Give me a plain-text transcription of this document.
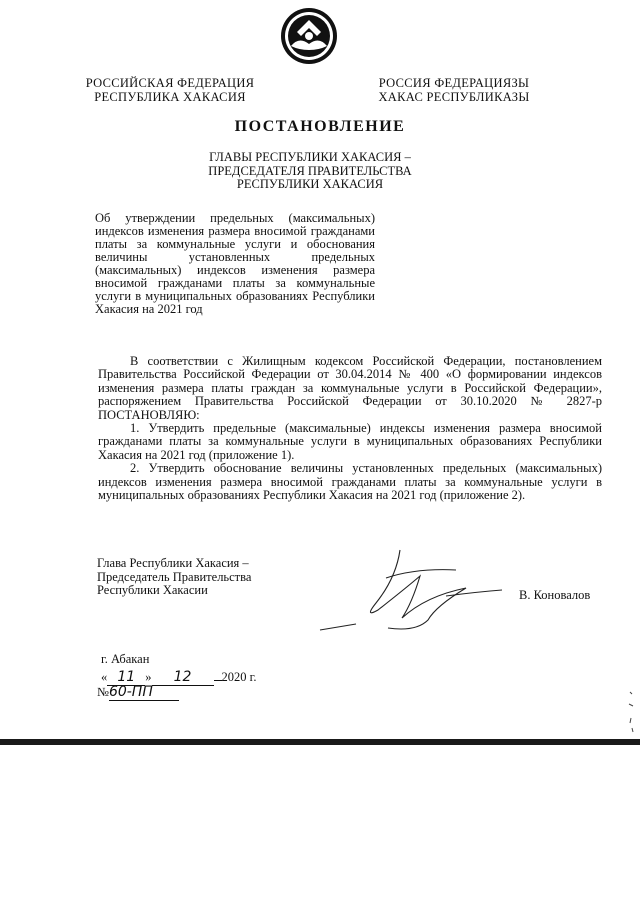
РОССИЙСКАЯ ФЕДЕРАЦИЯ
РЕСПУБЛИКА ХАКАСИЯ
РОССИЯ ФЕДЕРАЦИЯЗЫ
ХАКАС РЕСПУБЛИКАЗЫ
ПОСТАНОВЛЕНИЕ
ГЛАВЫ РЕСПУБЛИКИ ХАКАСИЯ –
ПРЕДСЕДАТЕЛЯ ПРАВИТЕЛЬСТВА
РЕСПУБЛИКИ ХАКАСИЯ
Об утверждении предельных (максимальных) индексов изменения размера вносимой гражданами платы за коммунальные услуги и обоснования величины установленных предельных (максимальных) индексов изменения размера вносимой гражданами платы за коммунальные услуги в муниципальных образованиях Республики Хакасия на 2021 год

В соответствии с Жилищным кодексом Российской Федерации, постановлением Правительства Российской Федерации от 30.04.2014 № 400 «О формировании индексов изменения размера платы граждан за коммунальные услуги в Российской Федерации», распоряжением Правительства Российской Федерации от 30.10.2020 № 2827-р ПОСТАНОВЛЯЮ:

1. Утвердить предельные (максимальные) индексы изменения размера вносимой гражданами платы за коммунальные услуги в муниципальных образованиях Республики Хакасия на 2021 год (приложение 1).

2. Утвердить обоснование величины установленных предельных (максимальных) индексов изменения размера вносимой гражданами платы за коммунальные услуги в муниципальных образованиях Республики Хакасия на 2021 год (приложение 2).

Глава Республики Хакасия –
Председатель Правительства
Республики Хакасии	В. Коновалов
г. Абакан
« 11 » 12 2020 г.
№60-ПП
